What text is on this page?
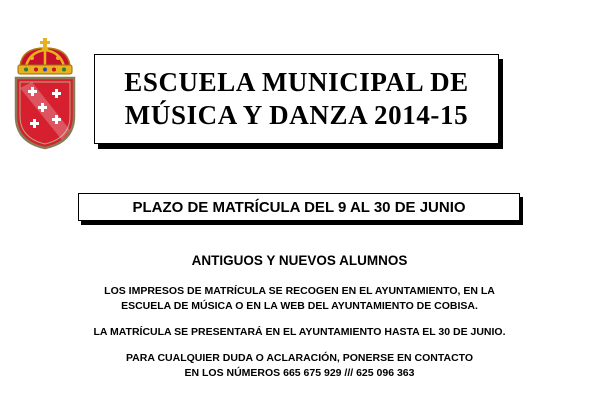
ESCUELA MUNICIPAL DE
MÚSICA Y DANZA 2014-15
PLAZO DE MATRÍCULA DEL 9 AL 30 DE JUNIO
ANTIGUOS Y NUEVOS ALUMNOS
LOS IMPRESOS DE MATRÍCULA SE RECOGEN EN EL AYUNTAMIENTO, EN LA
ESCUELA DE MÚSICA O EN LA WEB DEL AYUNTAMIENTO DE COBISA.
LA MATRÍCULA SE PRESENTARÁ EN EL AYUNTAMIENTO HASTA EL 30 DE JUNIO.
PARA CUALQUIER DUDA O ACLARACIÓN, PONERSE EN CONTACTO
EN LOS NÚMEROS 665 675 929 /// 625 096 363
